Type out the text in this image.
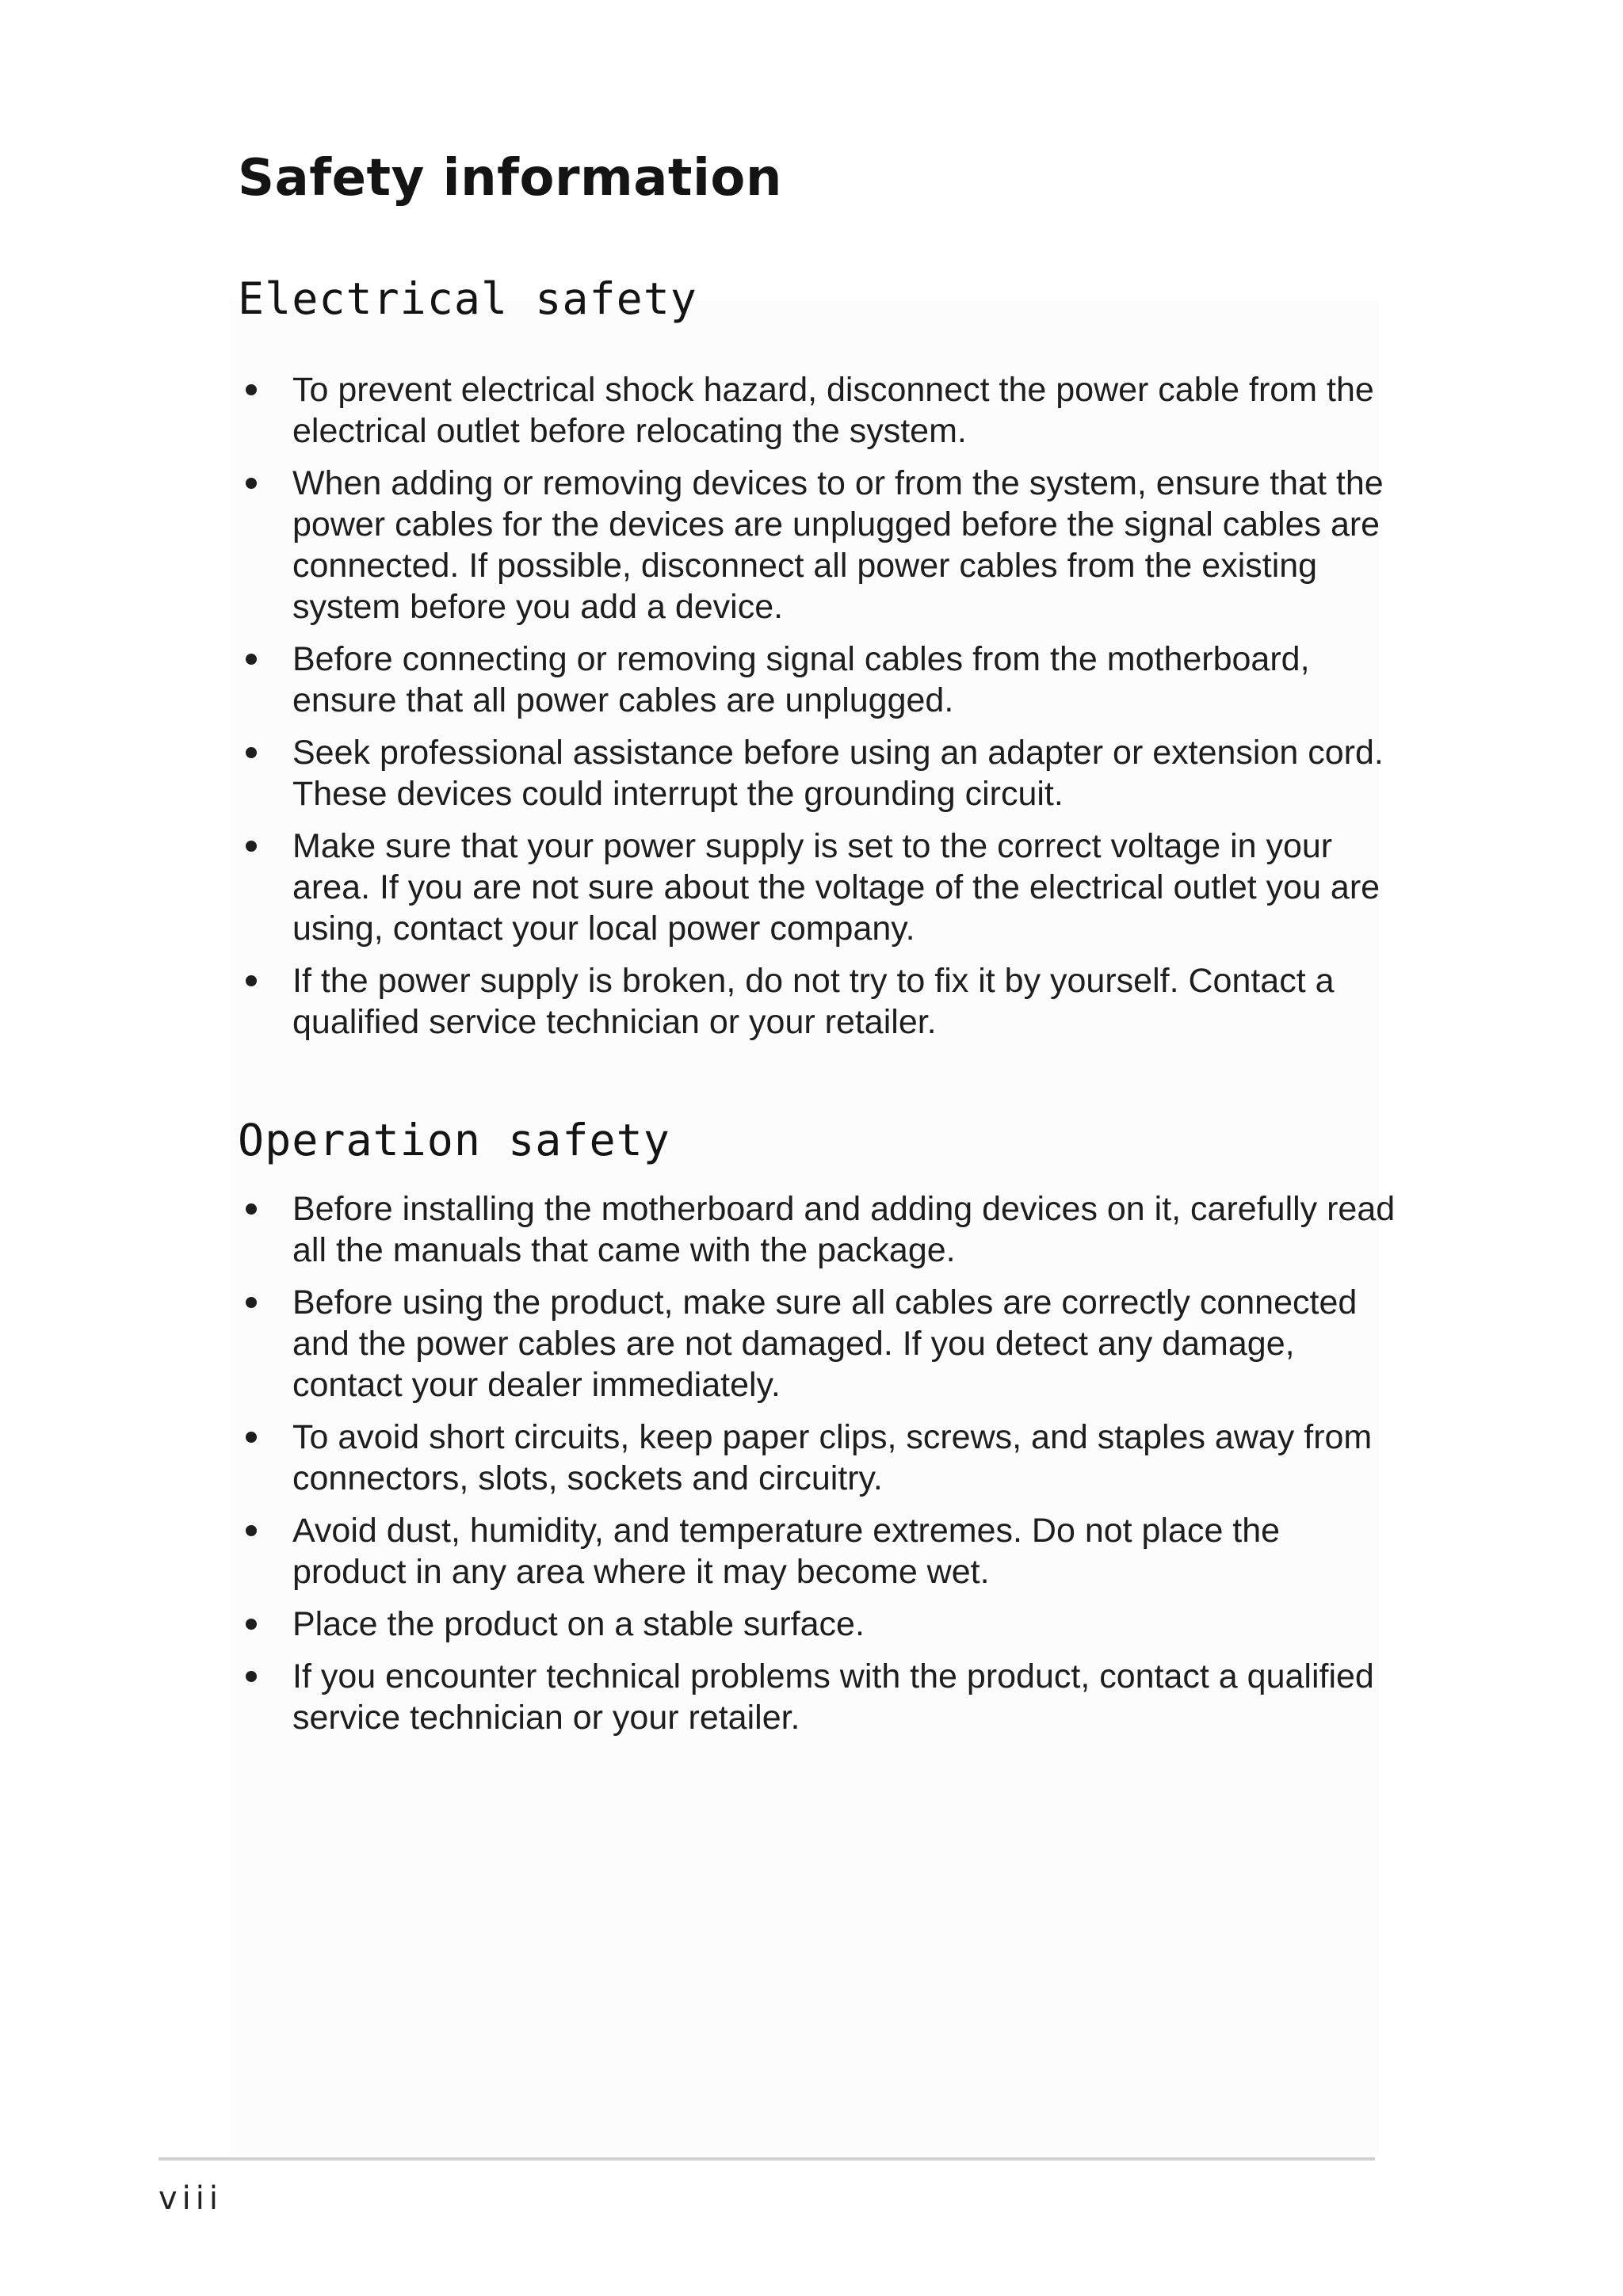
Safety information
Electrical safety
To prevent electrical shock hazard, disconnect the power cable from the
electrical outlet before relocating the system.
When adding or removing devices to or from the system, ensure that the
power cables for the devices are unplugged before the signal cables are
connected. If possible, disconnect all power cables from the existing
system before you add a device.
Before connecting or removing signal cables from the motherboard,
ensure that all power cables are unplugged.
Seek professional assistance before using an adapter or extension cord.
These devices could interrupt the grounding circuit.
Make sure that your power supply is set to the correct voltage in your
area. If you are not sure about the voltage of the electrical outlet you are
using, contact your local power company.
If the power supply is broken, do not try to fix it by yourself. Contact a
qualified service technician or your retailer.
Operation safety
Before installing the motherboard and adding devices on it, carefully read
all the manuals that came with the package.
Before using the product, make sure all cables are correctly connected
and the power cables are not damaged. If you detect any damage,
contact your dealer immediately.
To avoid short circuits, keep paper clips, screws, and staples away from
connectors, slots, sockets and circuitry.
Avoid dust, humidity, and temperature extremes. Do not place the
product in any area where it may become wet.
Place the product on a stable surface.
If you encounter technical problems with the product, contact a qualified
service technician or your retailer.

viii
